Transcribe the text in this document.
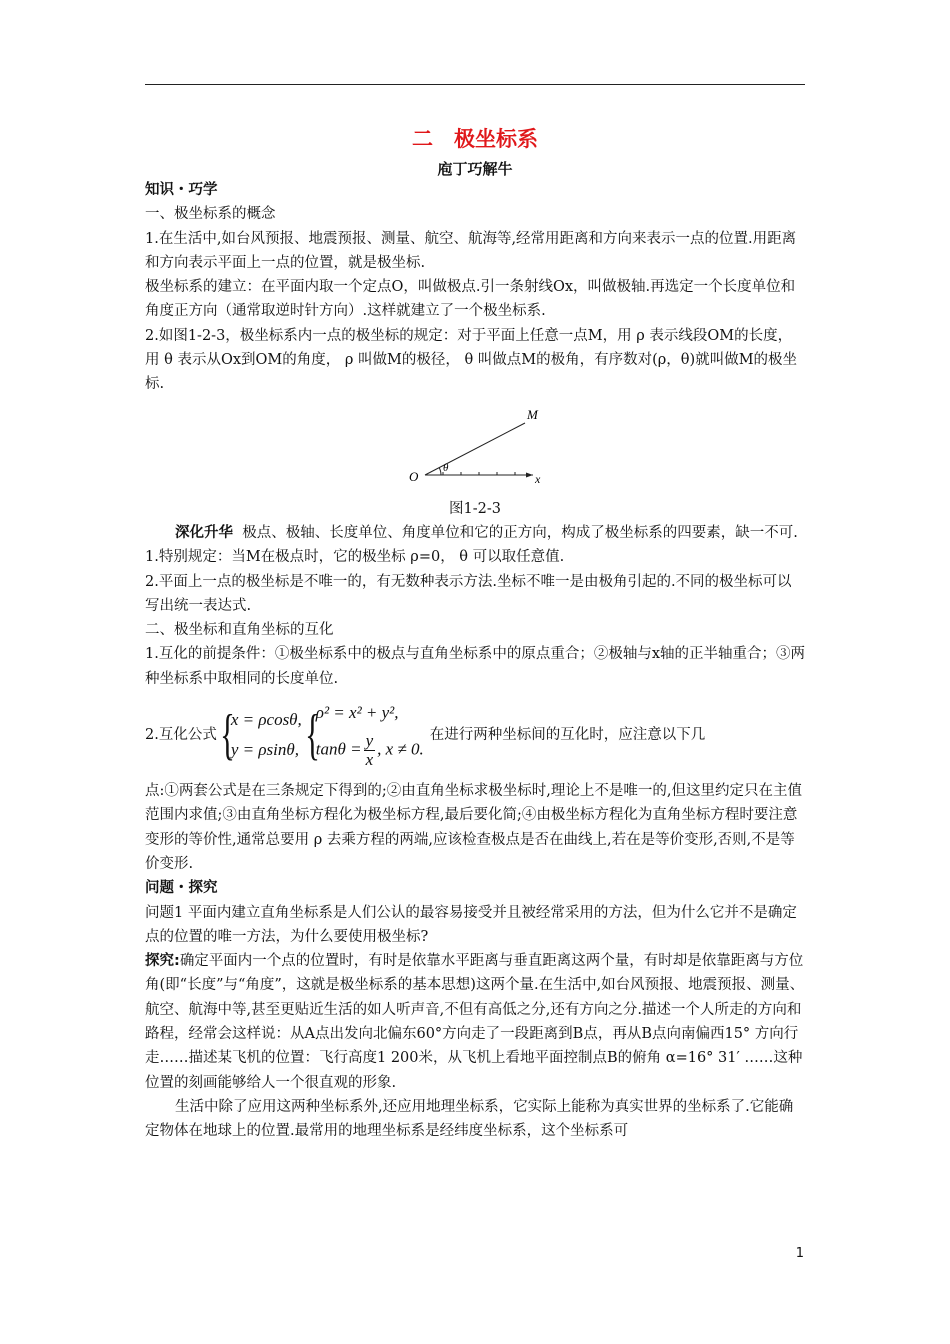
二　极坐标系
庖丁巧解牛

知识・巧学

一、极坐标系的概念

1.在生活中,如台风预报、地震预报、测量、航空、航海等,经常用距离和方向来表示一点的位置.用距离和方向表示平面上一点的位置，就是极坐标.

极坐标系的建立：在平面内取一个定点O，叫做极点.引一条射线Ox，叫做极轴.再选定一个长度单位和角度正方向（通常取逆时针方向）.这样就建立了一个极坐标系.

2.如图1-2-3，极坐标系内一点的极坐标的规定：对于平面上任意一点M，用 ρ 表示线段OM的长度，用 θ 表示从Ox到OM的角度， ρ 叫做M的极径， θ 叫做点M的极角，有序数对(ρ，θ)就叫做M的极坐标.

M
O
θ
x

图1-2-3

深化升华 极点、极轴、长度单位、角度单位和它的正方向，构成了极坐标系的四要素，缺一不可.

1.特别规定：当M在极点时，它的极坐标 ρ=0， θ 可以取任意值.

2.平面上一点的极坐标是不唯一的，有无数种表示方法.坐标不唯一是由极角引起的.不同的极坐标可以写出统一表达式.

二、极坐标和直角坐标的互化

1.互化的前提条件：①极坐标系中的极点与直角坐标系中的原点重合；②极轴与x轴的正半轴重合；③两种坐标系中取相同的长度单位.

2.互化公式 {
x = ρcosθ,
y = ρsinθ, {
ρ² = x² + y²,
$\tan\theta = \frac{y}{x}$ , x ≠ 0.
在进行两种坐标间的互化时，应注意以下几

点:①两套公式是在三条规定下得到的;②由直角坐标求极坐标时,理论上不是唯一的,但这里约定只在主值范围内求值;③由直角坐标方程化为极坐标方程,最后要化简;④由极坐标方程化为直角坐标方程时要注意变形的等价性,通常总要用 ρ 去乘方程的两端,应该检查极点是否在曲线上,若在是等价变形,否则,不是等价变形.

问题・探究

问题1 平面内建立直角坐标系是人们公认的最容易接受并且被经常采用的方法，但为什么它并不是确定点的位置的唯一方法，为什么要使用极坐标?

探究:确定平面内一个点的位置时，有时是依靠水平距离与垂直距离这两个量，有时却是依靠距离与方位角(即“长度”与“角度”，这就是极坐标系的基本思想)这两个量.在生活中,如台风预报、地震预报、测量、航空、航海中等,甚至更贴近生活的如人听声音,不但有高低之分,还有方向之分.描述一个人所走的方向和路程，经常会这样说：从A点出发向北偏东60°方向走了一段距离到B点，再从B点向南偏西15° 方向行走……描述某飞机的位置：飞行高度1 200米，从飞机上看地平面控制点B的俯角 α=16° 31′ ……这种位置的刻画能够给人一个很直观的形象.

生活中除了应用这两种坐标系外,还应用地理坐标系，它实际上能称为真实世界的坐标系了.它能确定物体在地球上的位置.最常用的地理坐标系是经纬度坐标系，这个坐标系可

1
